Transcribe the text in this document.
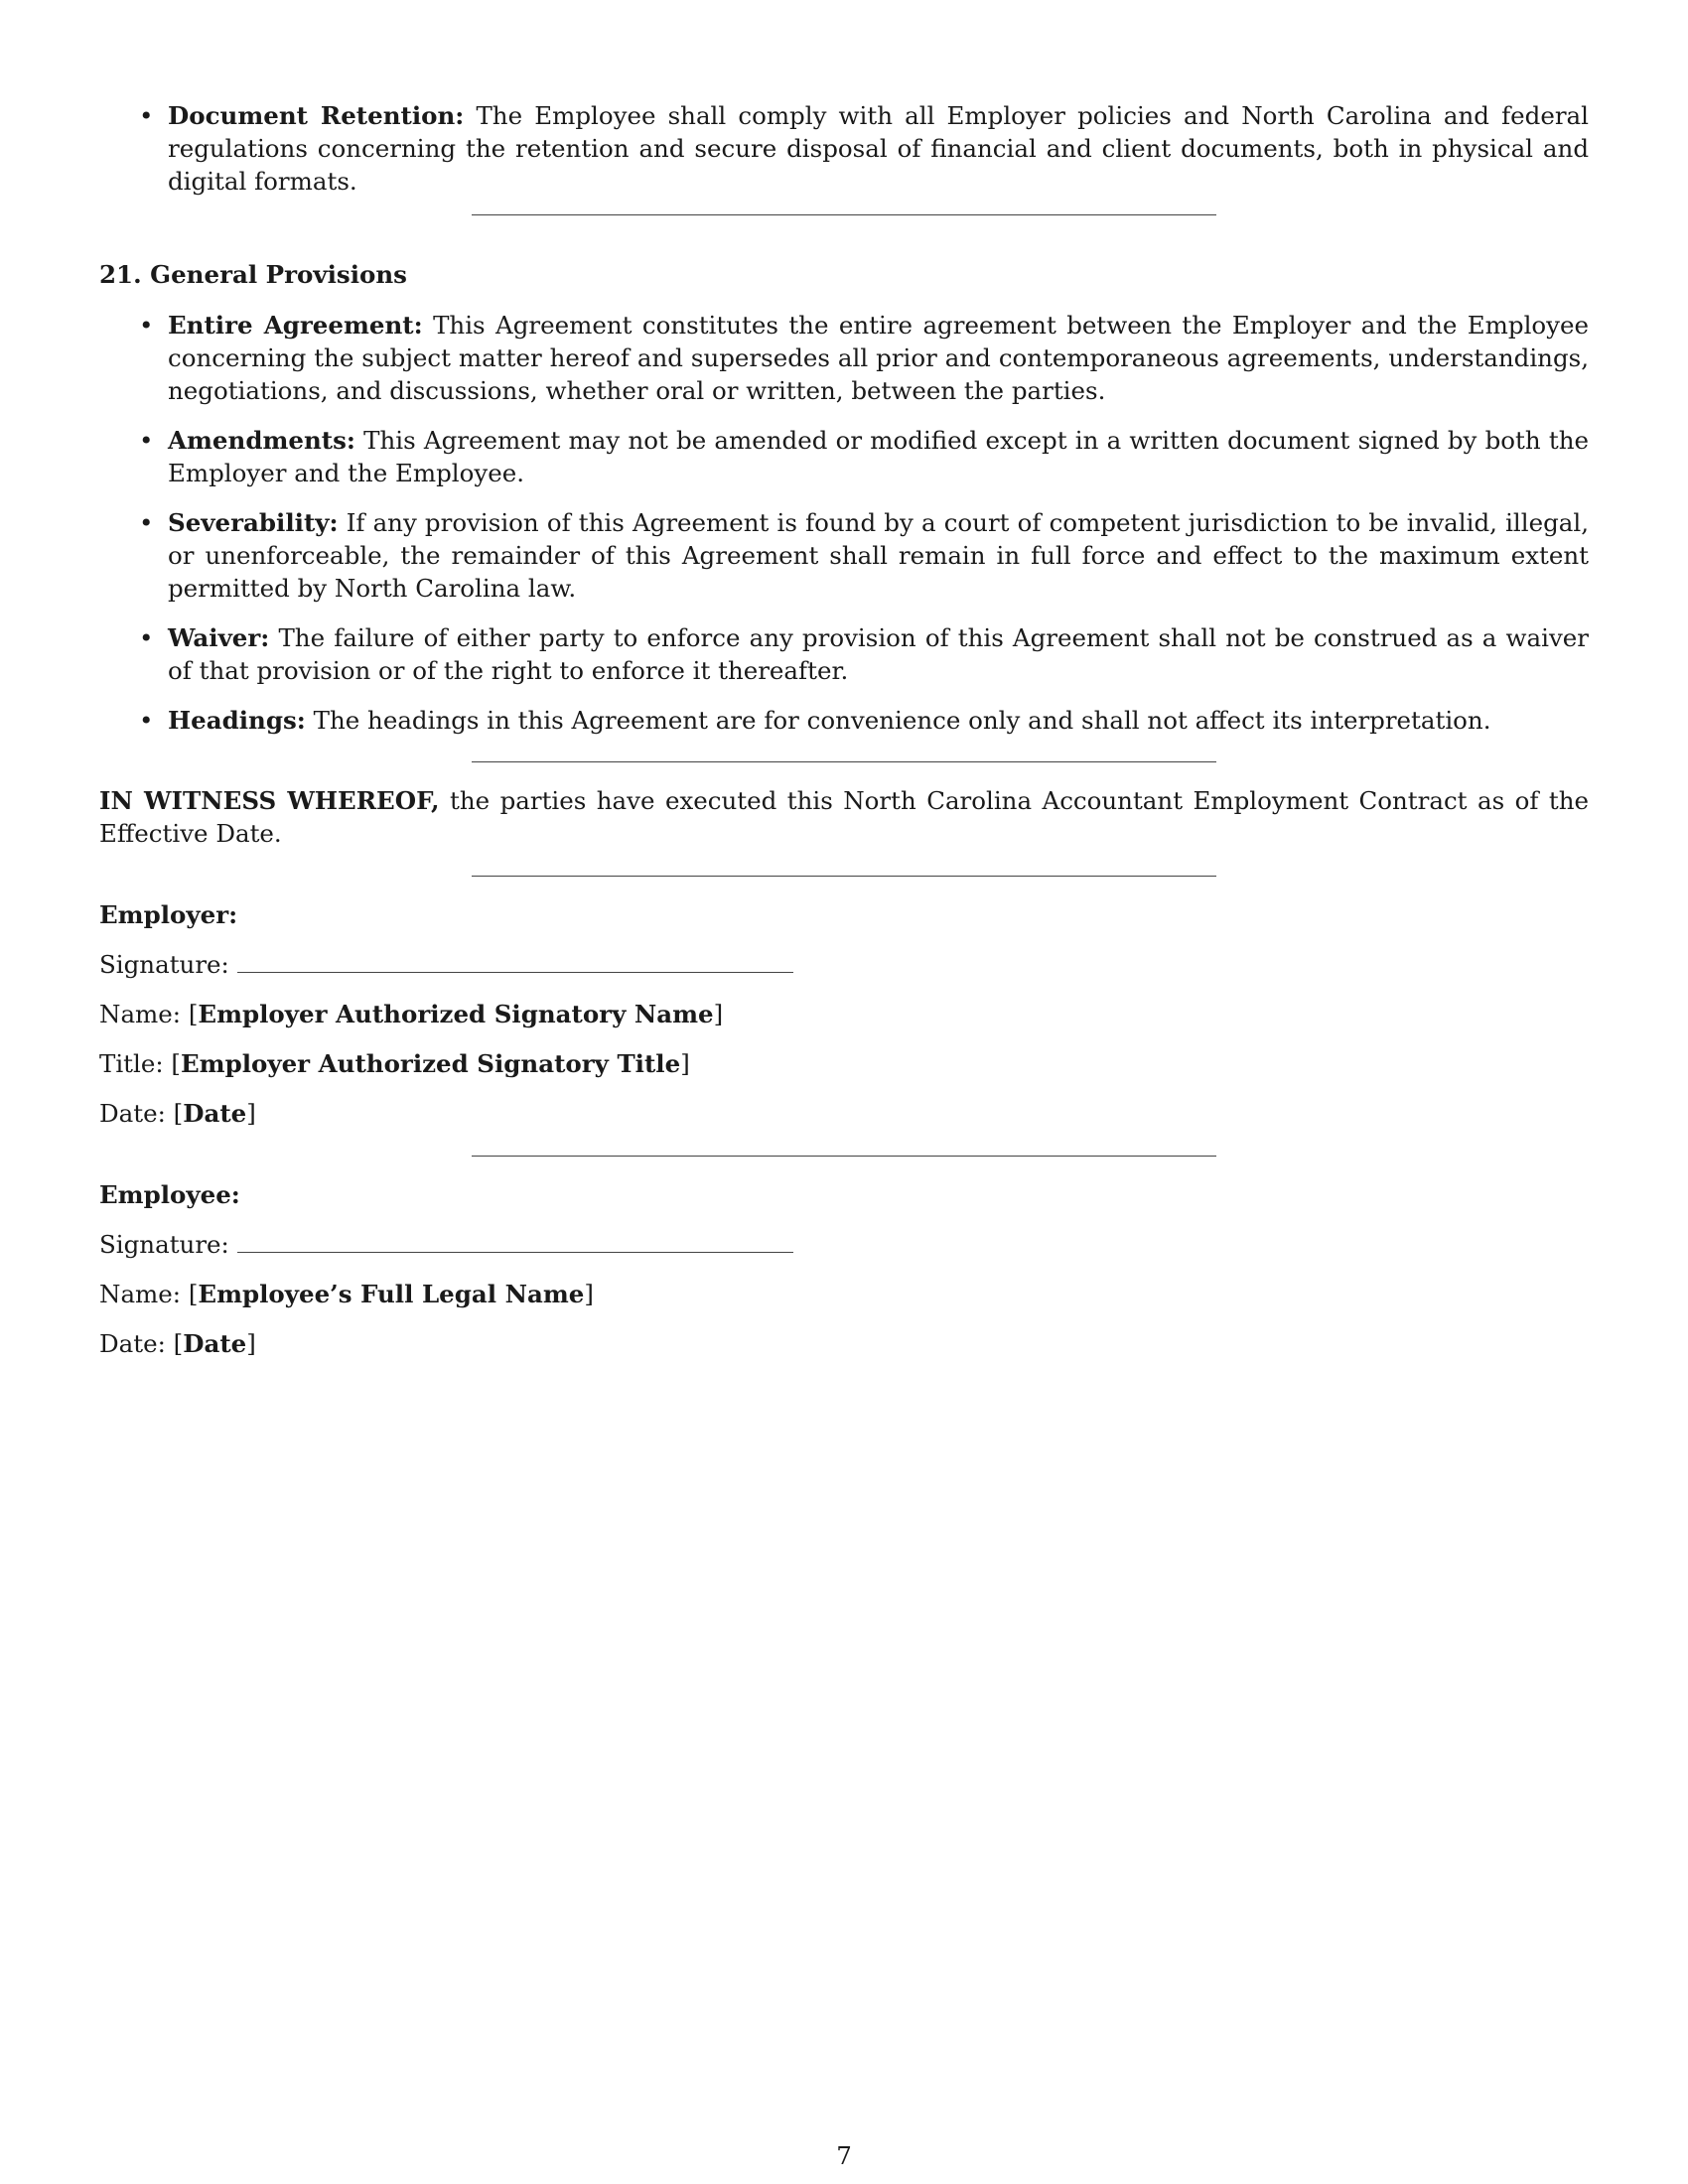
• Document Retention: The Employee shall comply with all Employer policies and North Carolina and federal regulations concerning the retention and secure disposal of financial and client documents, both in physical and digital formats.

21. General Provisions

• Entire Agreement: This Agreement constitutes the entire agreement between the Employer and the Employee concerning the subject matter hereof and supersedes all prior and contemporaneous agreements, understandings, negotiations, and discussions, whether oral or written, between the parties.
• Amendments: This Agreement may not be amended or modified except in a written document signed by both the Employer and the Employee.
• Severability: If any provision of this Agreement is found by a court of competent jurisdiction to be invalid, illegal, or unenforceable, the remainder of this Agreement shall remain in full force and effect to the maximum extent permitted by North Carolina law.
• Waiver: The failure of either party to enforce any provision of this Agreement shall not be construed as a waiver of that provision or of the right to enforce it thereafter.
• Headings: The headings in this Agreement are for convenience only and shall not affect its interpretation.

IN WITNESS WHEREOF, the parties have executed this North Carolina Accountant Employment Contract as of the Effective Date.

Employer:

Signature:

Name: [Employer Authorized Signatory Name]

Title: [Employer Authorized Signatory Title]

Date: [Date]

Employee:

Signature:

Name: [Employee’s Full Legal Name]

Date: [Date]

7
